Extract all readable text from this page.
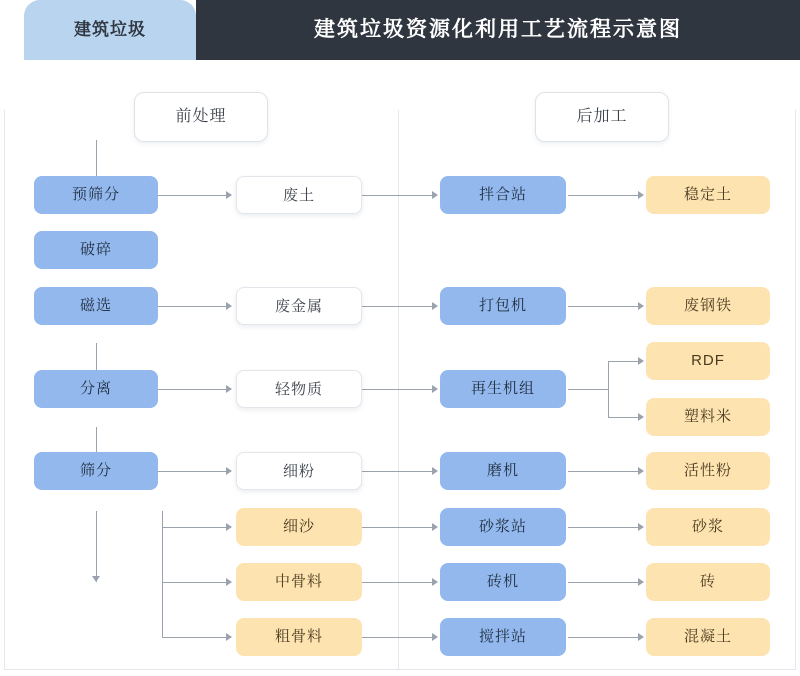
建筑垃圾资源化利用工艺流程示意图
建筑垃圾
前处理	后加工
预筛分
破碎
磁选
分离
筛分
废土
废金属
轻物质
细粉
细沙
中骨料
粗骨料
拌合站
打包机
再生机组
磨机
砂浆站
砖机
搅拌站
稳定土
废钢铁
RDF
塑料米
活性粉
砂浆
砖
混凝土
